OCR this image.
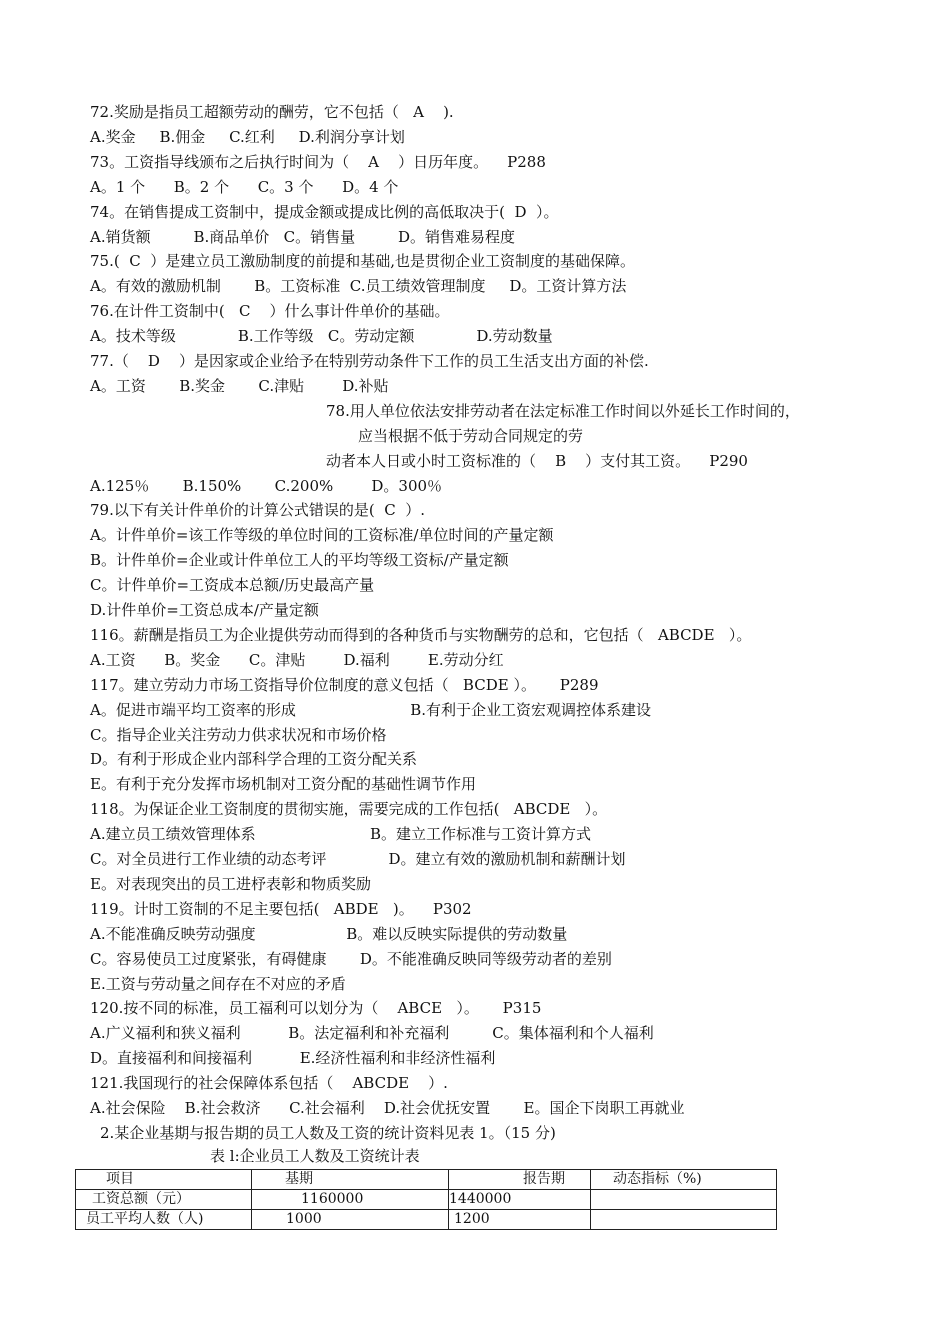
72.奖励是指员工超额劳动的酬劳，它不包括（   A    ).
A.奖金     B.佣金     C.红利     D.利润分享计划
73。工资指导线颁布之后执行时间为（    A    ）日历年度。    P288
A。1 个      B。2 个      C。3 个      D。4 个
74。在销售提成工资制中，提成金额或提成比例的高低取决于(  D  ）。
A.销货额         B.商品单价   C。销售量         D。销售难易程度
75.(  C  ）是建立员工激励制度的前提和基础,也是贯彻企业工资制度的基础保障。
A。有效的激励机制       B。工资标准  C.员工绩效管理制度     D。工资计算方法
76.在计件工资制中(   C    ）什么事计件单价的基础。
A。技术等级             B.工作等级   C。劳动定额             D.劳动数量
77.（    D    ）是因家或企业给予在特别劳动条件下工作的员工生活支出方面的补偿.
A。工资       B.奖金       C.津贴        D.补贴
78.用人单位依法安排劳动者在法定标准工作时间以外延长工作时间的，
应当根据不低于劳动合同规定的劳
动者本人日或小时工资标准的（    B    ）支付其工资。    P290
A.125％       B.150%       C.200%        D。300％
79.以下有关计件单价的计算公式错误的是(  C  ）.
A。计件单价=该工作等级的单位时间的工资标准/单位时间的产量定额
B。计件单价=企业或计件单位工人的平均等级工资标/产量定额
C。计件单价=工资成本总额/历史最高产量
D.计件单价=工资总成本/产量定额
116。薪酬是指员工为企业提供劳动而得到的各种货币与实物酬劳的总和，它包括（   ABCDE   ）。
A.工资      B。奖金      C。津贴        D.福利        E.劳动分红
117。建立劳动力市场工资指导价位制度的意义包括（   BCDE ）。     P289
A。促进市端平均工资率的形成                        B.有利于企业工资宏观调控体系建设
C。指导企业关注劳动力供求状况和市场价格
D。有利于形成企业内部科学合理的工资分配关系
E。有利于充分发挥市场机制对工资分配的基础性调节作用
118。为保证企业工资制度的贯彻实施，需要完成的工作包括(   ABCDE   ）。
A.建立员工绩效管理体系                        B。建立工作标准与工资计算方式
C。对全员进行工作业绩的动态考评             D。建立有效的激励机制和薪酬计划
E。对表现突出的员工进杼表彰和物质奖励
119。计时工资制的不足主要包括(   ABDE   )。    P302
A.不能准确反映劳动强度                   B。难以反映实际提供的劳动数量
C。容易使员工过度紧张，有碍健康       D。不能准确反映同等级劳动者的差别
E.工资与劳动量之间存在不对应的矛盾
120.按不同的标准，员工福利可以划分为（    ABCE   ）。     P315
A.广义福利和狭义福利          B。法定福利和补充福利         C。集体福利和个人福利
D。直接福利和间接福利          E.经济性福利和非经济性福利
121.我国现行的社会保障体系包括（    ABCDE    ）.
A.社会保险    B.社会救济      C.社会福利    D.社会优抚安置       E。国企下岗职工再就业
2.某企业基期与报告期的员工人数及工资的统计资料见表 1。（15 分)
表 l:企业员工人数及工资统计表
项目	基期	报告期	动态指标（%)
工资总额（元）	1160000	1440000	
员工平均人数（人)	1000	1200	
